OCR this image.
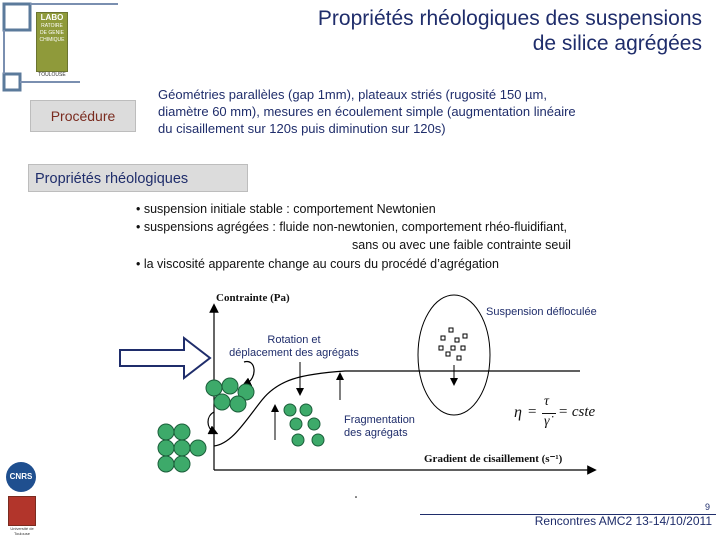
LABO
RATOIRE
DE GENIE
CHIMIQUE
TOULOUSE
Propriétés rhéologiques des suspensions
de silice agrégées
Procédure
Géométries parallèles (gap 1mm), plateaux striés (rugosité 150 µm,
diamètre 60 mm), mesures en écoulement simple (augmentation linéaire
du cisaillement sur 120s puis diminution sur 120s)
Propriétés rhéologiques
• suspension initiale stable : comportement Newtonien
• suspensions agrégées : fluide non-newtonien, comportement rhéo-fluidifiant,
sans ou avec une faible contrainte seuil
• la viscosité apparente change au cours du procédé d’agrégation
Contrainte (Pa)
Suspension défloculée
Rotation et
déplacement des agrégats
Fragmentation
des agrégats
Gradient de cisaillement (s⁻¹)
η =
τ
γ̇
= cste
CNRS
Université de Toulouse
9
Rencontres AMC2 13-14/10/2011
